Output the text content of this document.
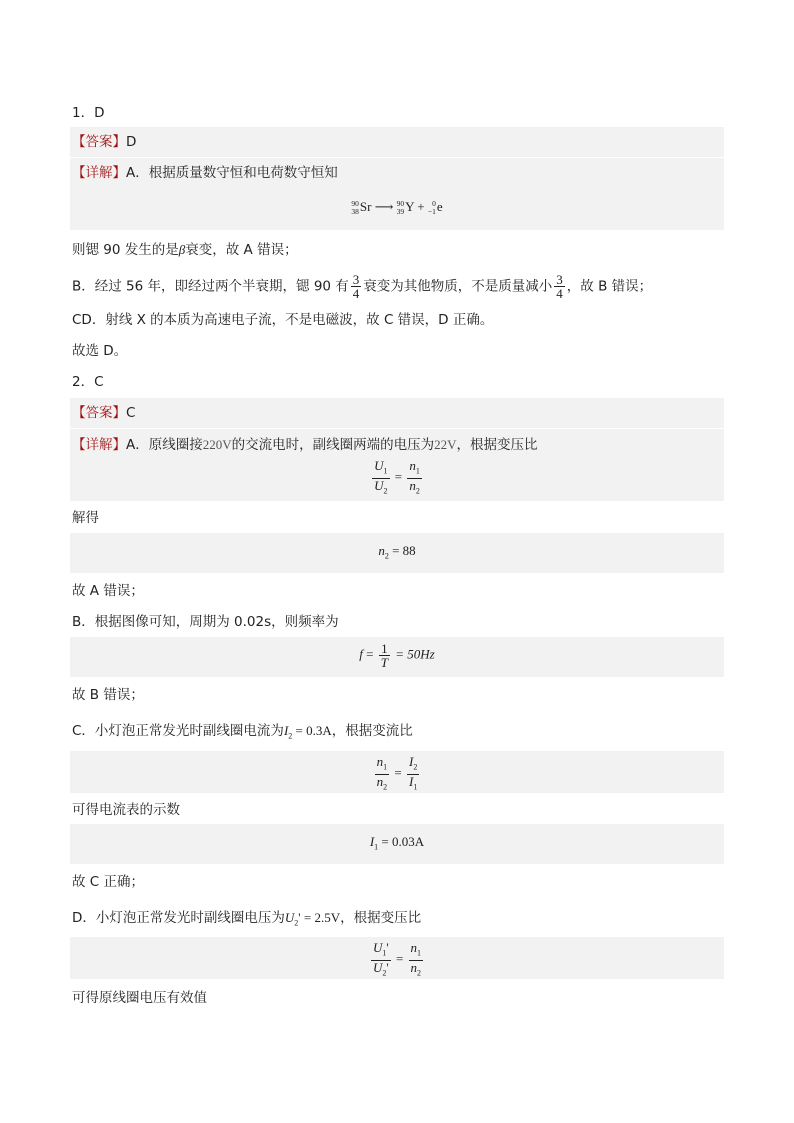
1．D
【答案】D
【详解】A．根据质量数守恒和电荷数守恒知
90
38 Sr ⟶ 90
39 Y + 0
−1 e
则锶 90 发生的是β衰变，故 A 错误；
B．经过 56 年，即经过两个半衰期，锶 90 有 $\frac{3}{4}$ 衰变为其他物质，不是质量减小 $\frac{3}{4}$ ，故 B 错误；
CD．射线 X 的本质为高速电子流，不是电磁波，故 C 错误，D 正确。
故选 D。
2．C
【答案】C
【详解】A．原线圈接220V的交流电时，副线圈两端的电压为22V，根据变压比
$\frac{U_1}{U_2} = \frac{n_1}{n_2}$
解得
$n_2 = 88$
故 A 错误；
B．根据图像可知，周期为 0.02s，则频率为
$f = \frac{1}{T} = 50Hz$
故 B 错误；
C．小灯泡正常发光时副线圈电流为$I_2 = 0.3A$，根据变流比
$\frac{n_1}{n_2} = \frac{I_2}{I_1}$
可得电流表的示数
$I_1 = 0.03A$
故 C 正确；
D．小灯泡正常发光时副线圈电压为$U_2' = 2.5V$，根据变压比
$\frac{U_1'}{U_2'} = \frac{n_1}{n_2}$
可得原线圈电压有效值
